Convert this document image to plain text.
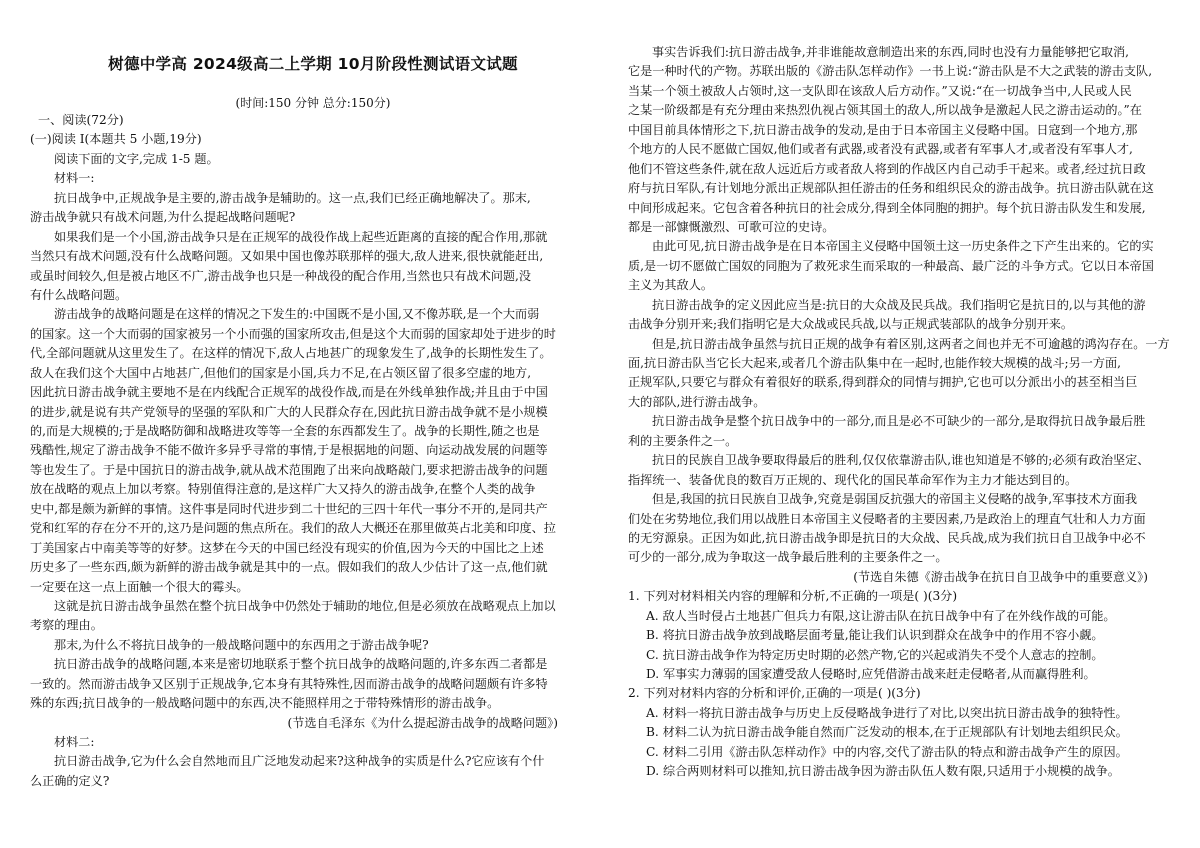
树德中学高 2024级高二上学期 10月阶段性测试语文试题
(时间:150 分钟 总分:150分)
一、阅读(72分)
(一)阅读 I(本题共 5 小题,19分)
阅读下面的文字,完成 1-5 题。
材料一:
抗日战争中,正规战争是主要的,游击战争是辅助的。这一点,我们已经正确地解决了。那末,
游击战争就只有战术问题,为什么提起战略问题呢?
如果我们是一个小国,游击战争只是在正规军的战役作战上起些近距离的直接的配合作用,那就
当然只有战术问题,没有什么战略问题。又如果中国也像苏联那样的强大,敌人进来,很快就能赶出,
或虽时间较久,但是被占地区不广,游击战争也只是一种战役的配合作用,当然也只有战术问题,没
有什么战略问题。
游击战争的战略问题是在这样的情况之下发生的:中国既不是小国,又不像苏联,是一个大而弱
的国家。这一个大而弱的国家被另一个小而强的国家所攻击,但是这个大而弱的国家却处于进步的时
代,全部问题就从这里发生了。在这样的情况下,敌人占地甚广的现象发生了,战争的长期性发生了。
敌人在我们这个大国中占地甚广,但他们的国家是小国,兵力不足,在占领区留了很多空虚的地方,
因此抗日游击战争就主要地不是在内线配合正规军的战役作战,而是在外线单独作战;并且由于中国
的进步,就是说有共产党领导的坚强的军队和广大的人民群众存在,因此抗日游击战争就不是小规模
的,而是大规模的;于是战略防御和战略进攻等等一全套的东西都发生了。战争的长期性,随之也是
残酷性,规定了游击战争不能不做许多异乎寻常的事情,于是根据地的问题、向运动战发展的问题等
等也发生了。于是中国抗日的游击战争,就从战术范围跑了出来向战略敲门,要求把游击战争的问题
放在战略的观点上加以考察。特别值得注意的,是这样广大又持久的游击战争,在整个人类的战争
史中,都是颇为新鲜的事情。这件事是同时代进步到二十世纪的三四十年代一事分不开的,是同共产
党和红军的存在分不开的,这乃是问题的焦点所在。我们的敌人大概还在那里做英占北美和印度、拉
丁美国家占中南美等等的好梦。这梦在今天的中国已经没有现实的价值,因为今天的中国比之上述
历史多了一些东西,颇为新鲜的游击战争就是其中的一点。假如我们的敌人少估计了这一点,他们就
一定要在这一点上面触一个很大的霉头。
这就是抗日游击战争虽然在整个抗日战争中仍然处于辅助的地位,但是必须放在战略观点上加以
考察的理由。
那末,为什么不将抗日战争的一般战略问题中的东西用之于游击战争呢?
抗日游击战争的战略问题,本来是密切地联系于整个抗日战争的战略问题的,许多东西二者都是
一致的。然而游击战争又区别于正规战争,它本身有其特殊性,因而游击战争的战略问题颇有许多特
殊的东西;抗日战争的一般战略问题中的东西,决不能照样用之于带特殊情形的游击战争。
(节选自毛泽东《为什么提起游击战争的战略问题》)
材料二:
抗日游击战争,它为什么会自然地而且广泛地发动起来?这种战争的实质是什么?它应该有个什
么正确的定义?
事实告诉我们:抗日游击战争,并非谁能故意制造出来的东西,同时也没有力量能够把它取消,
它是一种时代的产物。苏联出版的《游击队怎样动作》一书上说:“游击队是不大之武装的游击支队,
当某一个领土被敌人占领时,这一支队即在该敌人后方动作。”又说:“在一切战争当中,人民或人民
之某一阶级都是有充分理由来热烈仇视占领其国土的敌人,所以战争是激起人民之游击运动的。”在
中国目前具体情形之下,抗日游击战争的发动,是由于日本帝国主义侵略中国。日寇到一个地方,那
个地方的人民不愿做亡国奴,他们或者有武器,或者没有武器,或者有军事人才,或者没有军事人才,
他们不管这些条件,就在敌人远近后方或者敌人将到的作战区内自己动手干起来。或者,经过抗日政
府与抗日军队,有计划地分派出正规部队担任游击的任务和组织民众的游击战争。抗日游击队就在这
中间形成起来。它包含着各种抗日的社会成分,得到全体同胞的拥护。每个抗日游击队发生和发展,
都是一部慷慨激烈、可歌可泣的史诗。
由此可见,抗日游击战争是在日本帝国主义侵略中国领土这一历史条件之下产生出来的。它的实
质,是一切不愿做亡国奴的同胞为了救死求生而采取的一种最高、最广泛的斗争方式。它以日本帝国
主义为其敌人。
抗日游击战争的定义因此应当是:抗日的大众战及民兵战。我们指明它是抗日的,以与其他的游
击战争分别开来;我们指明它是大众战或民兵战,以与正规武装部队的战争分别开来。
但是,抗日游击战争虽然与抗日正规的战争有着区别,这两者之间也并无不可逾越的鸿沟存在。一方
面,抗日游击队当它长大起来,或者几个游击队集中在一起时,也能作较大规模的战斗;另一方面,
正规军队,只要它与群众有着很好的联系,得到群众的同情与拥护,它也可以分派出小的甚至相当巨
大的部队,进行游击战争。
抗日游击战争是整个抗日战争中的一部分,而且是必不可缺少的一部分,是取得抗日战争最后胜
利的主要条件之一。
抗日的民族自卫战争要取得最后的胜利,仅仅依靠游击队,谁也知道是不够的;必须有政治坚定、
指挥统一、装备优良的数百万正规的、现代化的国民革命军作为主力才能达到目的。
但是,我国的抗日民族自卫战争,究竟是弱国反抗强大的帝国主义侵略的战争,军事技术方面我
们处在劣势地位,我们用以战胜日本帝国主义侵略者的主要因素,乃是政治上的理直气壮和人力方面
的无穷源泉。正因为如此,抗日游击战争即是抗日的大众战、民兵战,成为我们抗日自卫战争中必不
可少的一部分,成为争取这一战争最后胜利的主要条件之一。
(节选自朱德《游击战争在抗日自卫战争中的重要意义》)
1. 下列对材料相关内容的理解和分析,不正确的一项是( )(3分)
A. 敌人当时侵占土地甚广但兵力有限,这让游击队在抗日战争中有了在外线作战的可能。
B. 将抗日游击战争放到战略层面考量,能让我们认识到群众在战争中的作用不容小觑。
C. 抗日游击战争作为特定历史时期的必然产物,它的兴起或消失不受个人意志的控制。
D. 军事实力薄弱的国家遭受敌人侵略时,应凭借游击战来赶走侵略者,从而赢得胜利。
2. 下列对材料内容的分析和评价,正确的一项是( )(3分)
A. 材料一将抗日游击战争与历史上反侵略战争进行了对比,以突出抗日游击战争的独特性。
B. 材料二认为抗日游击战争能自然而广泛发动的根本,在于正规部队有计划地去组织民众。
C. 材料二引用《游击队怎样动作》中的内容,交代了游击队的特点和游击战争产生的原因。
D. 综合两则材料可以推知,抗日游击战争因为游击队伍人数有限,只适用于小规模的战争。
